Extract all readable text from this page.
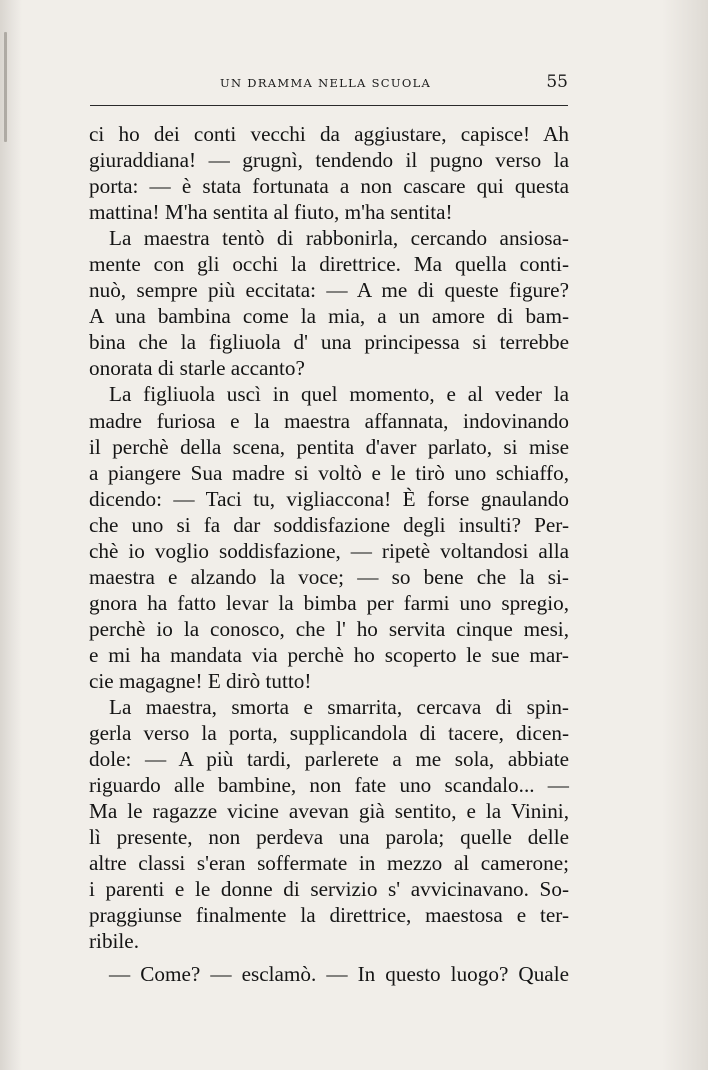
UN DRAMMA NELLA SCUOLA	55
ci ho dei conti vecchi da aggiustare, capisce! Ah
giuraddiana! — grugnì, tendendo il pugno verso la
porta: — è stata fortunata a non cascare qui questa
mattina! M'ha sentita al fiuto, m'ha sentita!
La maestra tentò di rabbonirla, cercando ansiosa-
mente con gli occhi la direttrice. Ma quella conti-
nuò, sempre più eccitata: — A me di queste figure?
A una bambina come la mia, a un amore di bam-
bina che la figliuola d' una principessa si terrebbe
onorata di starle accanto?
La figliuola uscì in quel momento, e al veder la
madre furiosa e la maestra affannata, indovinando
il perchè della scena, pentita d'aver parlato, si mise
a piangere Sua madre si voltò e le tirò uno schiaffo,
dicendo: — Taci tu, vigliaccona! È forse gnaulando
che uno si fa dar soddisfazione degli insulti? Per-
chè io voglio soddisfazione, — ripetè voltandosi alla
maestra e alzando la voce; — so bene che la si-
gnora ha fatto levar la bimba per farmi uno spregio,
perchè io la conosco, che l' ho servita cinque mesi,
e mi ha mandata via perchè ho scoperto le sue mar-
cie magagne! E dirò tutto!
La maestra, smorta e smarrita, cercava di spin-
gerla verso la porta, supplicandola di tacere, dicen-
dole: — A più tardi, parlerete a me sola, abbiate
riguardo alle bambine, non fate uno scandalo... —
Ma le ragazze vicine avevan già sentito, e la Vinini,
lì presente, non perdeva una parola; quelle delle
altre classi s'eran soffermate in mezzo al camerone;
i parenti e le donne di servizio s' avvicinavano. So-
praggiunse finalmente la direttrice, maestosa e ter-
ribile.
— Come? — esclamò. — In questo luogo? Quale
